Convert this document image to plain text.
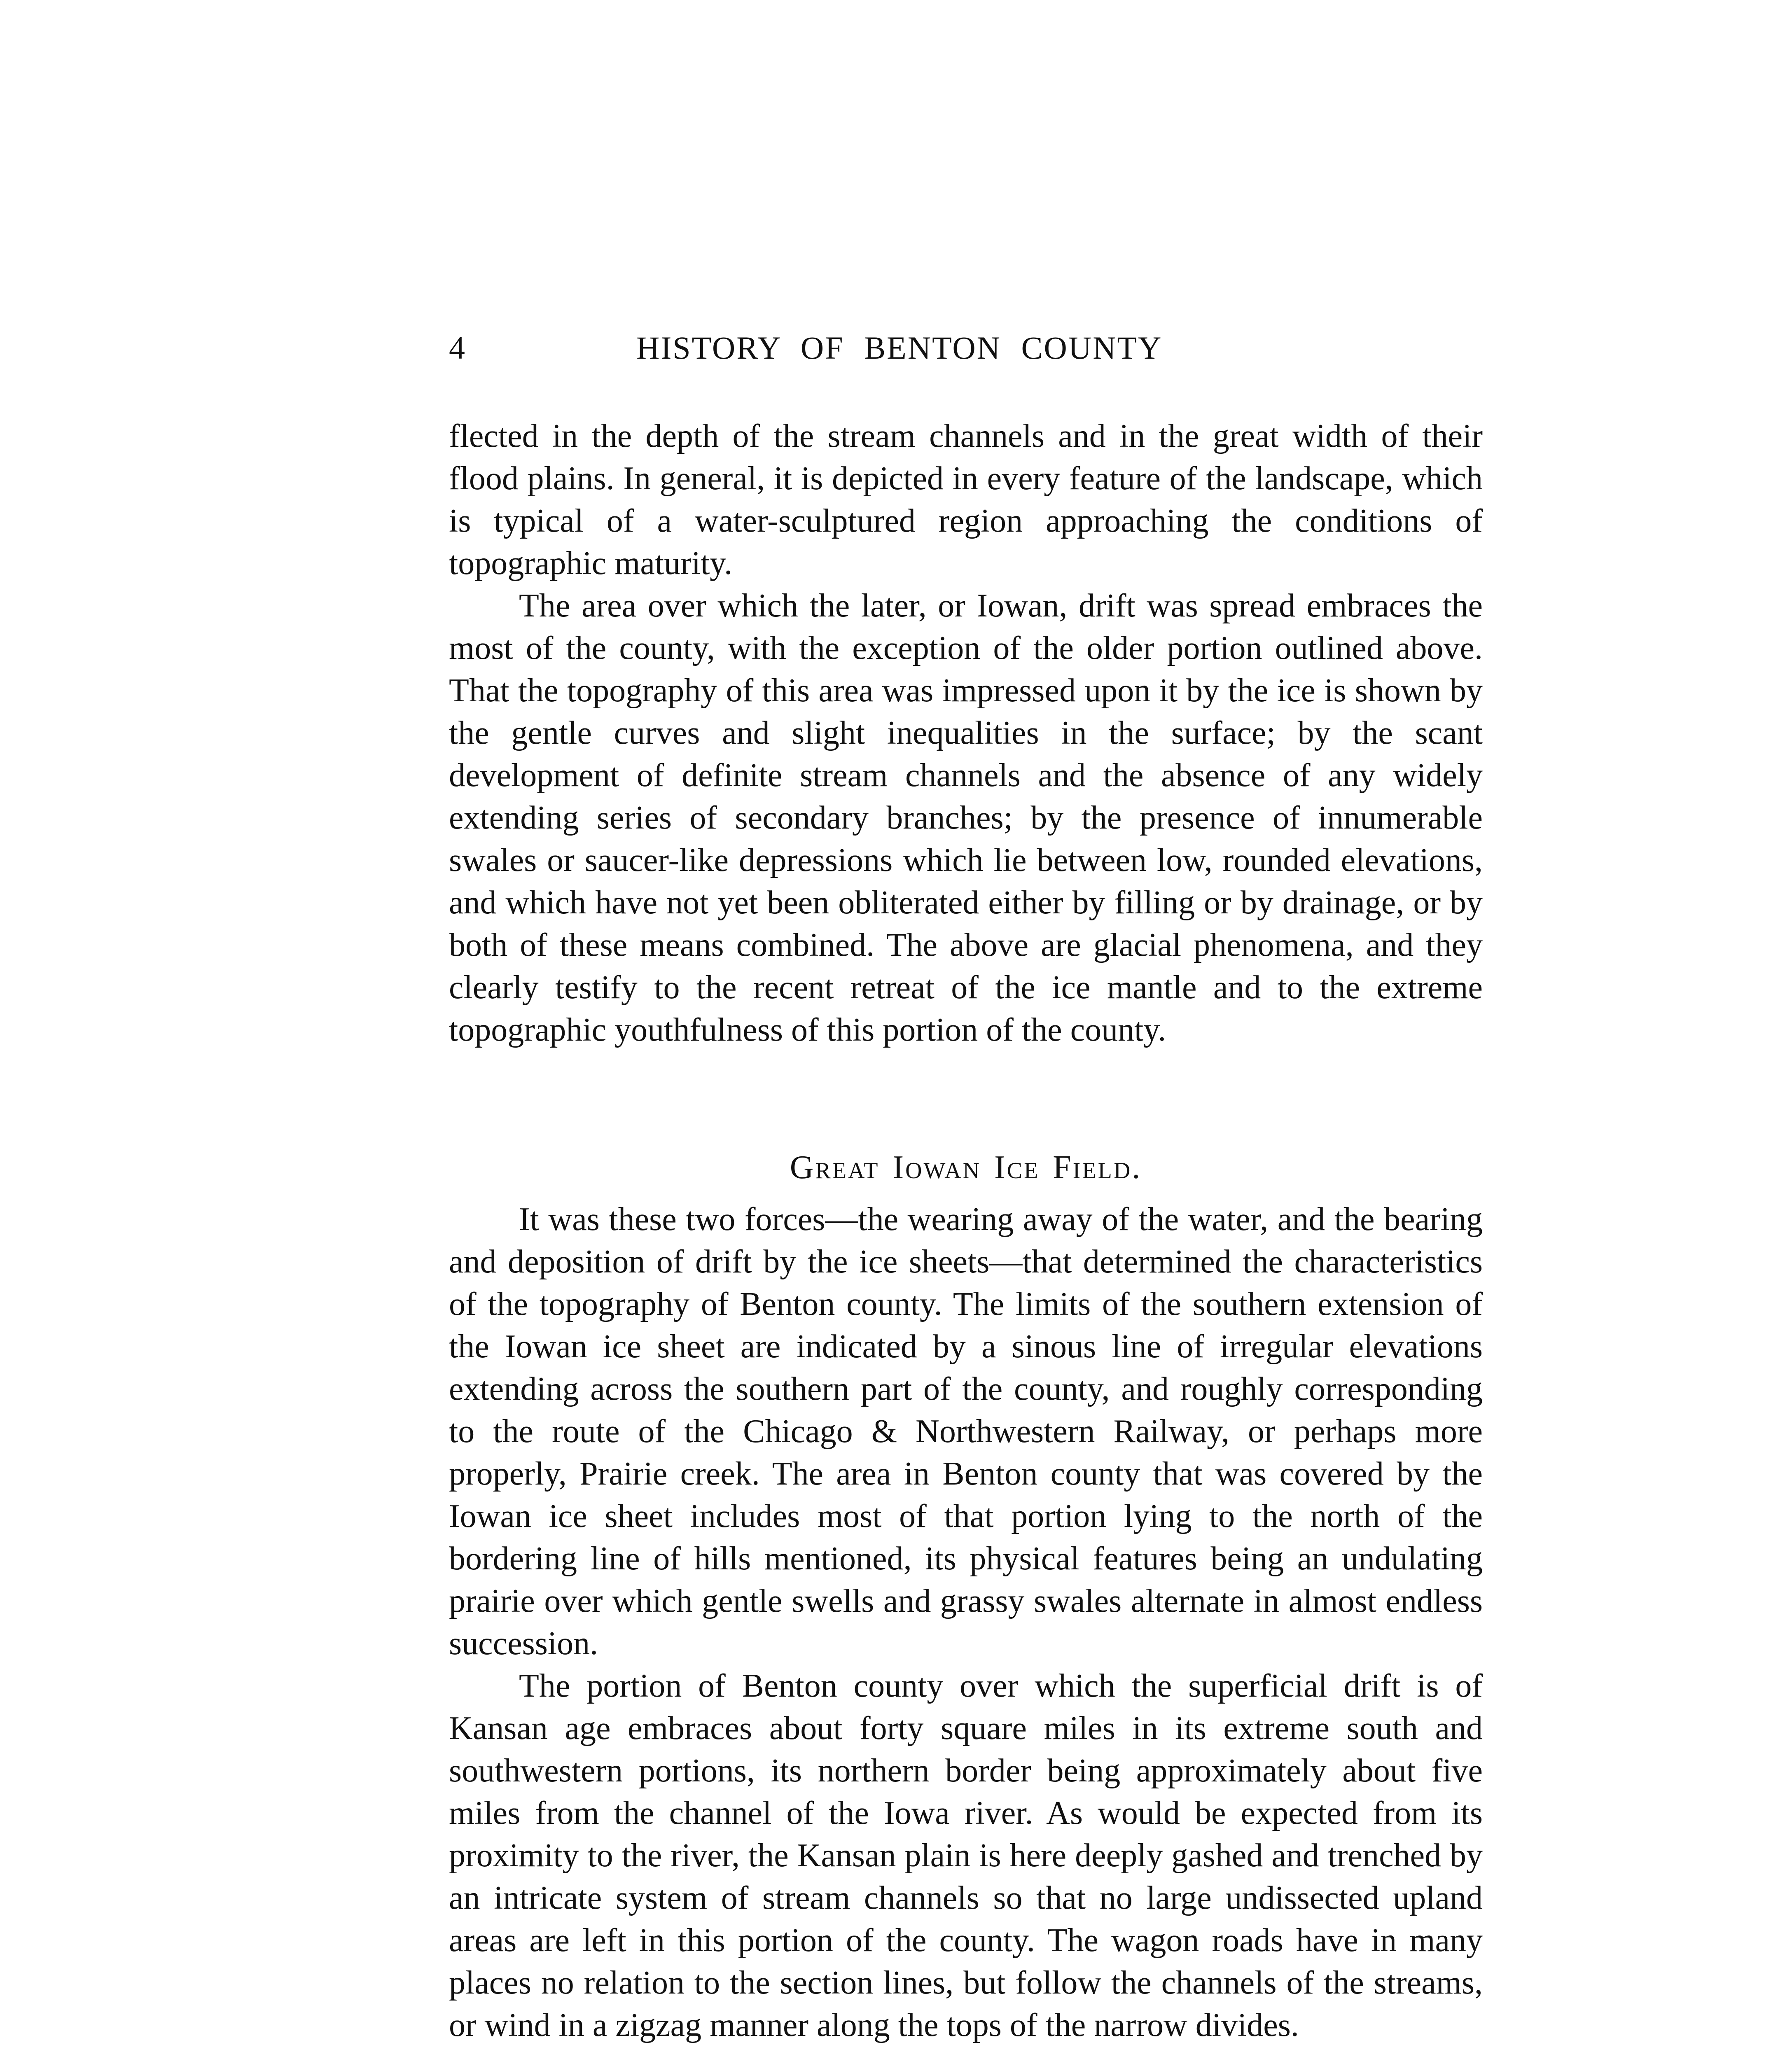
4	HISTORY OF BENTON COUNTY

flected in the depth of the stream channels and in the great width of their flood plains. In general, it is depicted in every feature of the landscape, which is typical of a water-sculptured region approaching the conditions of topographic maturity.

The area over which the later, or Iowan, drift was spread embraces the most of the county, with the exception of the older portion outlined above. That the topography of this area was impressed upon it by the ice is shown by the gentle curves and slight inequalities in the surface; by the scant development of definite stream channels and the absence of any widely extending series of secondary branches; by the presence of innumerable swales or saucer-like depressions which lie between low, rounded elevations, and which have not yet been obliterated either by filling or by drainage, or by both of these means combined. The above are glacial phenomena, and they clearly testify to the recent retreat of the ice mantle and to the extreme topographic youthfulness of this portion of the county.

Great Iowan Ice Field.

It was these two forces—the wearing away of the water, and the bearing and deposition of drift by the ice sheets—that determined the characteristics of the topography of Benton county. The limits of the southern extension of the Iowan ice sheet are indicated by a sinous line of irregular elevations extending across the southern part of the county, and roughly corresponding to the route of the Chicago & Northwestern Railway, or perhaps more properly, Prairie creek. The area in Benton county that was covered by the Iowan ice sheet includes most of that portion lying to the north of the bordering line of hills mentioned, its physical features being an undulating prairie over which gentle swells and grassy swales alternate in almost endless succession.

The portion of Benton county over which the superficial drift is of Kansan age embraces about forty square miles in its extreme south and southwestern portions, its northern border being approximately about five miles from the channel of the Iowa river. As would be expected from its proximity to the river, the Kansan plain is here deeply gashed and trenched by an intricate system of stream channels so that no large undissected upland areas are left in this portion of the county. The wagon roads have in many places no relation to the section lines, but follow the channels of the streams, or wind in a zigzag manner along the tops of the narrow divides.
